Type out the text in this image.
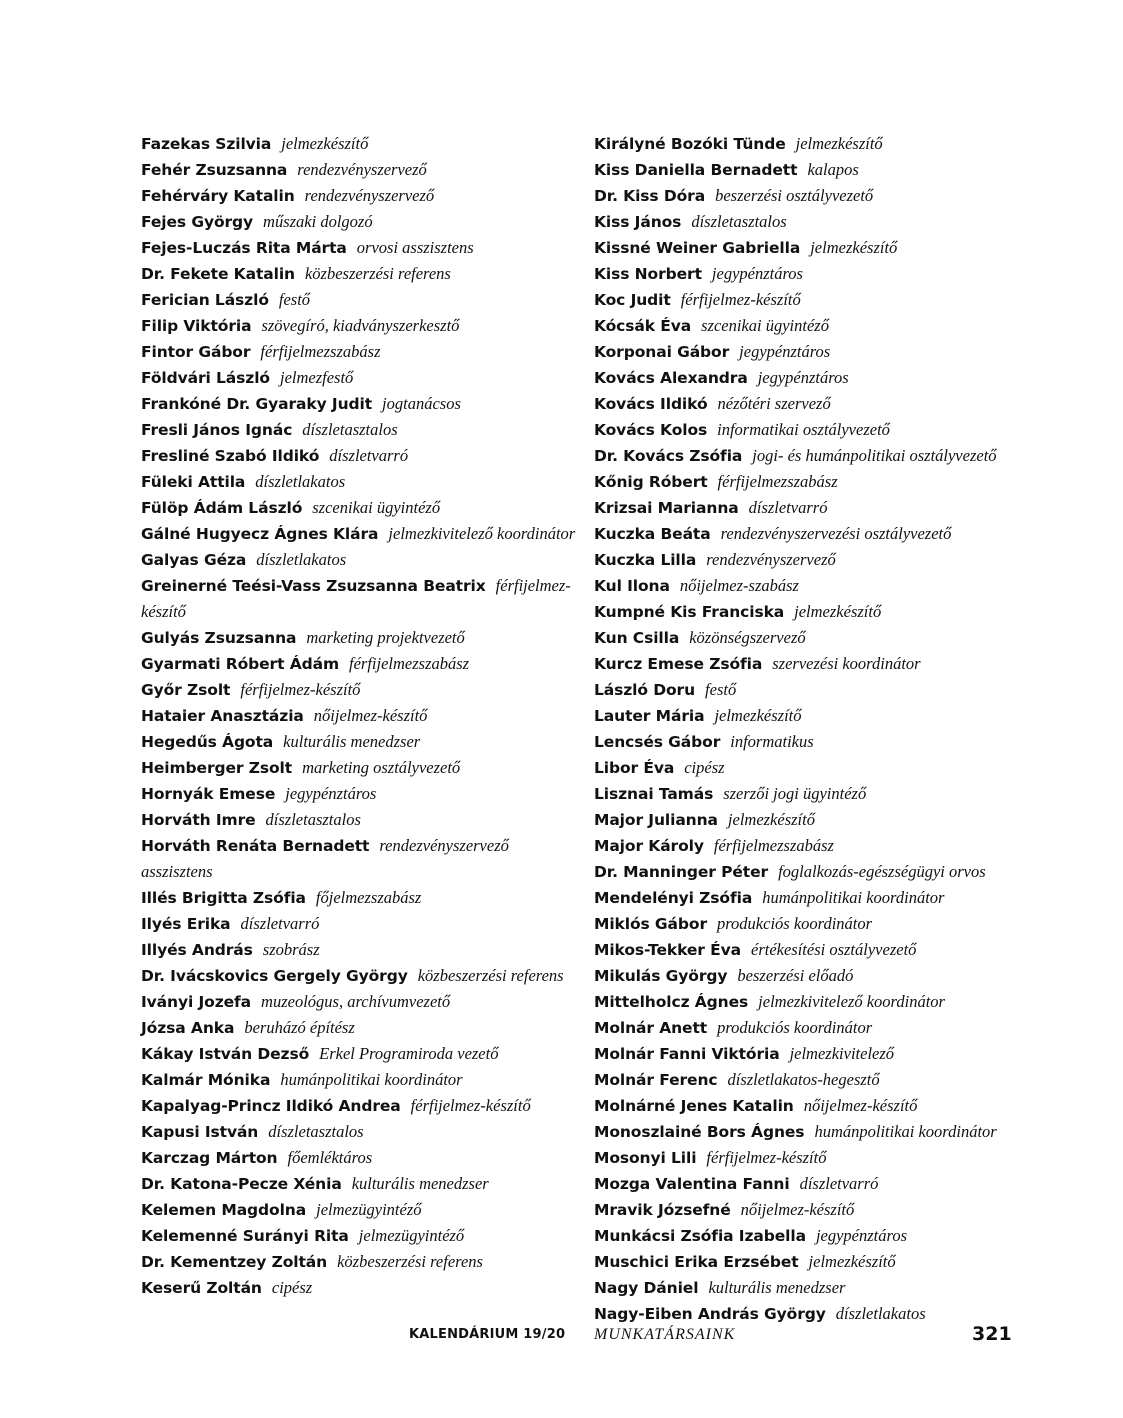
Fazekas Szilvia jelmezkészítő
Fehér Zsuzsanna rendezvényszervező
Fehérváry Katalin rendezvényszervező
Fejes György műszaki dolgozó
Fejes-Luczás Rita Márta orvosi asszisztens
Dr. Fekete Katalin közbeszerzési referens
Ferician László festő
Filip Viktória szövegíró, kiadványszerkesztő
Fintor Gábor férfijelmezszabász
Földvári László jelmezfestő
Frankóné Dr. Gyaraky Judit jogtanácsos
Fresli János Ignác díszletasztalos
Fresliné Szabó Ildikó díszletvarró
Füleki Attila díszletlakatos
Fülöp Ádám László szcenikai ügyintéző
Gálné Hugyecz Ágnes Klára jelmezkivitelező koordinátor
Galyas Géza díszletlakatos
Greinerné Teési-Vass Zsuzsanna Beatrix férfijelmez-készítő
Gulyás Zsuzsanna marketing projektvezető
Gyarmati Róbert Ádám férfijelmezszabász
Győr Zsolt férfijelmez-készítő
Hataier Anasztázia nőijelmez-készítő
Hegedűs Ágota kulturális menedzser
Heimberger Zsolt marketing osztályvezető
Hornyák Emese jegypénztáros
Horváth Imre díszletasztalos
Horváth Renáta Bernadett rendezvényszervező asszisztens
Illés Brigitta Zsófia főjelmezszabász
Ilyés Erika díszletvarró
Illyés András szobrász
Dr. Ivácskovics Gergely György közbeszerzési referens
Iványi Jozefa muzeológus, archívumvezető
Józsa Anka beruházó építész
Kákay István Dezső Erkel Programiroda vezető
Kalmár Mónika humánpolitikai koordinátor
Kapalyag-Princz Ildikó Andrea férfijelmez-készítő
Kapusi István díszletasztalos
Karczag Márton főemléktáros
Dr. Katona-Pecze Xénia kulturális menedzser
Kelemen Magdolna jelmezügyintéző
Kelemenné Surányi Rita jelmezügyintéző
Dr. Kementzey Zoltán közbeszerzési referens
Keserű Zoltán cipész
Királyné Bozóki Tünde jelmezkészítő
Kiss Daniella Bernadett kalapos
Dr. Kiss Dóra beszerzési osztályvezető
Kiss János díszletasztalos
Kissné Weiner Gabriella jelmezkészítő
Kiss Norbert jegypénztáros
Koc Judit férfijelmez-készítő
Kócsák Éva szcenikai ügyintéző
Korponai Gábor jegypénztáros
Kovács Alexandra jegypénztáros
Kovács Ildikó nézőtéri szervező
Kovács Kolos informatikai osztályvezető
Dr. Kovács Zsófia jogi- és humánpolitikai osztályvezető
Kőnig Róbert férfijelmezszabász
Krizsai Marianna díszletvarró
Kuczka Beáta rendezvényszervezési osztályvezető
Kuczka Lilla rendezvényszervező
Kul Ilona nőijelmez-szabász
Kumpné Kis Franciska jelmezkészítő
Kun Csilla közönségszervező
Kurcz Emese Zsófia szervezési koordinátor
László Doru festő
Lauter Mária jelmezkészítő
Lencsés Gábor informatikus
Libor Éva cipész
Lisznai Tamás szerzői jogi ügyintéző
Major Julianna jelmezkészítő
Major Károly férfijelmezszabász
Dr. Manninger Péter foglalkozás-egészségügyi orvos
Mendelényi Zsófia humánpolitikai koordinátor
Miklós Gábor produkciós koordinátor
Mikos-Tekker Éva értékesítési osztályvezető
Mikulás György beszerzési előadó
Mittelholcz Ágnes jelmezkivitelező koordinátor
Molnár Anett produkciós koordinátor
Molnár Fanni Viktória jelmezkivitelező
Molnár Ferenc díszletlakatos-hegesztő
Molnárné Jenes Katalin nőijelmez-készítő
Monoszlainé Bors Ágnes humánpolitikai koordinátor
Mosonyi Lili férfijelmez-készítő
Mozga Valentina Fanni díszletvarró
Mravik Józsefné nőijelmez-készítő
Munkácsi Zsófia Izabella jegypénztáros
Muschici Erika Erzsébet jelmezkészítő
Nagy Dániel kulturális menedzser
Nagy-Eiben András György díszletlakatos
KALENDÁRIUM 19/20 MUNKATÁRSAINK	321
